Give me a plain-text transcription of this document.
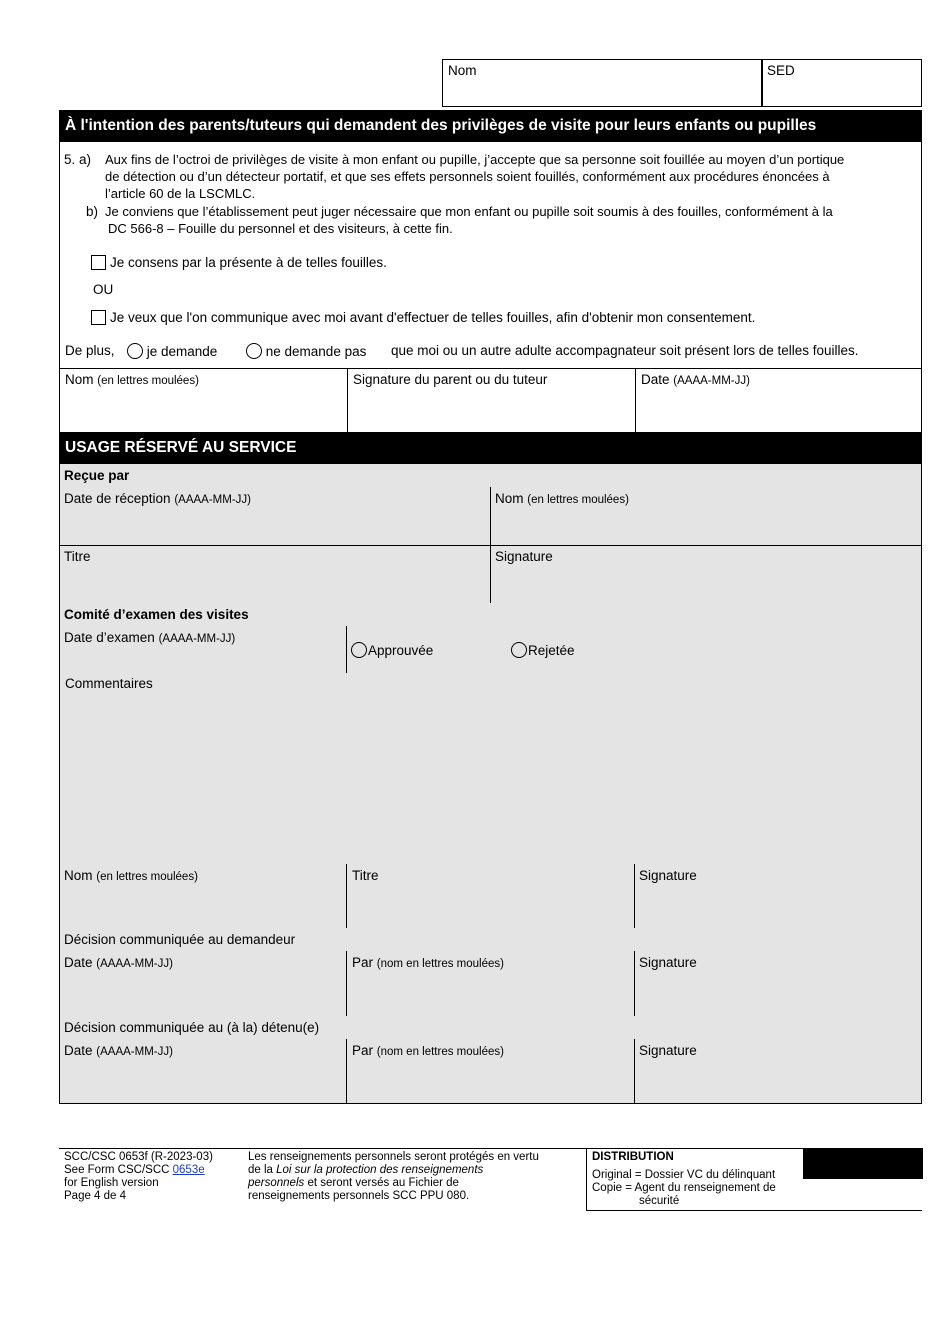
Nom	SED
À l'intention des parents/tuteurs qui demandent des privilèges de visite pour leurs enfants ou pupilles
5. a) Aux fins de l’octroi de privilèges de visite à mon enfant ou pupille, j’accepte que sa personne soit fouillée au moyen d’un portique
de détection ou d’un détecteur portatif, et que ses effets personnels soient fouillés, conformément aux procédures énoncées à
l’article 60 de la LSCMLC.
b) Je conviens que l’établissement peut juger nécessaire que mon enfant ou pupille soit soumis à des fouilles, conformément à la
DC 566-8 – Fouille du personnel et des visiteurs, à cette fin.
Je consens par la présente à de telles fouilles.
OU
Je veux que l'on communique avec moi avant d'effectuer de telles fouilles, afin d'obtenir mon consentement.
De plus,	je demande	ne demande pas que moi ou un autre adulte accompagnateur soit présent lors de telles fouilles.
Nom (en lettres moulées)	Signature du parent ou du tuteur	Date (AAAA-MM-JJ)
USAGE RÉSERVÉ AU SERVICE
Reçue par
Date de réception (AAAA-MM-JJ)	Nom (en lettres moulées)
Titre	Signature
Comité d’examen des visites
Date d’examen (AAAA-MM-JJ)
Approuvée	Rejetée
Commentaires
Nom (en lettres moulées)	Titre	Signature
Décision communiquée au demandeur
Date (AAAA-MM-JJ)	Par (nom en lettres moulées)	Signature
Décision communiquée au (à la) détenu(e)
Date (AAAA-MM-JJ)	Par (nom en lettres moulées)	Signature
SCC/CSC 0653f (R-2023-03)
See Form CSC/SCC 0653e
for English version
Page 4 de 4
Les renseignements personnels seront protégés en vertu
de la Loi sur la protection des renseignements
personnels et seront versés au Fichier de
renseignements personnels SCC PPU 080.
DISTRIBUTION
Original = Dossier VC du délinquant
Copie = Agent du renseignement de
sécurité
